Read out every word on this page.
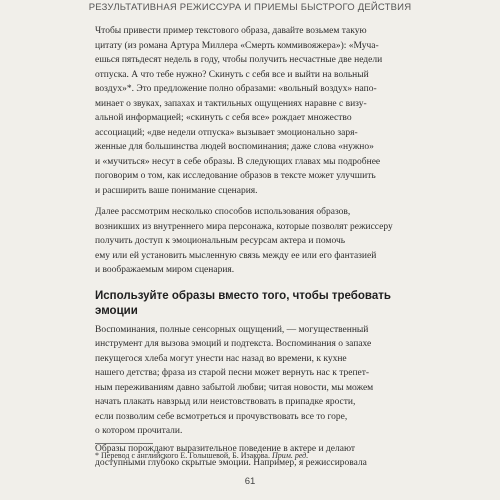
РЕЗУЛЬТАТИВНАЯ РЕЖИССУРА И ПРИЕМЫ БЫСТРОГО ДЕЙСТВИЯ
Чтобы привести пример текстового образа, давайте возьмем такую
цитату (из романа Артура Миллера «Смерть коммивояжера»): «Муча-
ешься пятьдесят недель в году, чтобы получить несчастные две недели
отпуска. А что тебе нужно? Скинуть с себя все и выйти на вольный
воздух»*. Это предложение полно образами: «вольный воздух» напо-
минает о звуках, запахах и тактильных ощущениях наравне с визу-
альной информацией; «скинуть с себя все» рождает множество
ассоциаций; «две недели отпуска» вызывает эмоционально заря-
женные для большинства людей воспоминания; даже слова «нужно»
и «мучиться» несут в себе образы. В следующих главах мы подробнее
поговорим о том, как исследование образов в тексте может улучшить
и расширить ваше понимание сценария.
Далее рассмотрим несколько способов использования образов,
возникших из внутреннего мира персонажа, которые позволят режиссеру
получить доступ к эмоциональным ресурсам актера и помочь
ему или ей установить мысленную связь между ее или его фантазией
и воображаемым миром сценария.
Используйте образы вместо того, чтобы требовать
эмоции
Воспоминания, полные сенсорных ощущений, — могущественный
инструмент для вызова эмоций и подтекста. Воспоминания о запахе
пекущегося хлеба могут унести нас назад во времени, к кухне
нашего детства; фраза из старой песни может вернуть нас к трепет-
ным переживаниям давно забытой любви; читая новости, мы можем
начать плакать навзрыд или неистовствовать в припадке ярости,
если позволим себе всмотреться и прочувствовать все то горе,
о котором прочитали.
Образы порождают выразительное поведение в актере и делают
доступными глубоко скрытые эмоции. Например, я режиссировала
* Перевод с английского Е. Голышевой, Б. Изакова. Прим. ред.
61
